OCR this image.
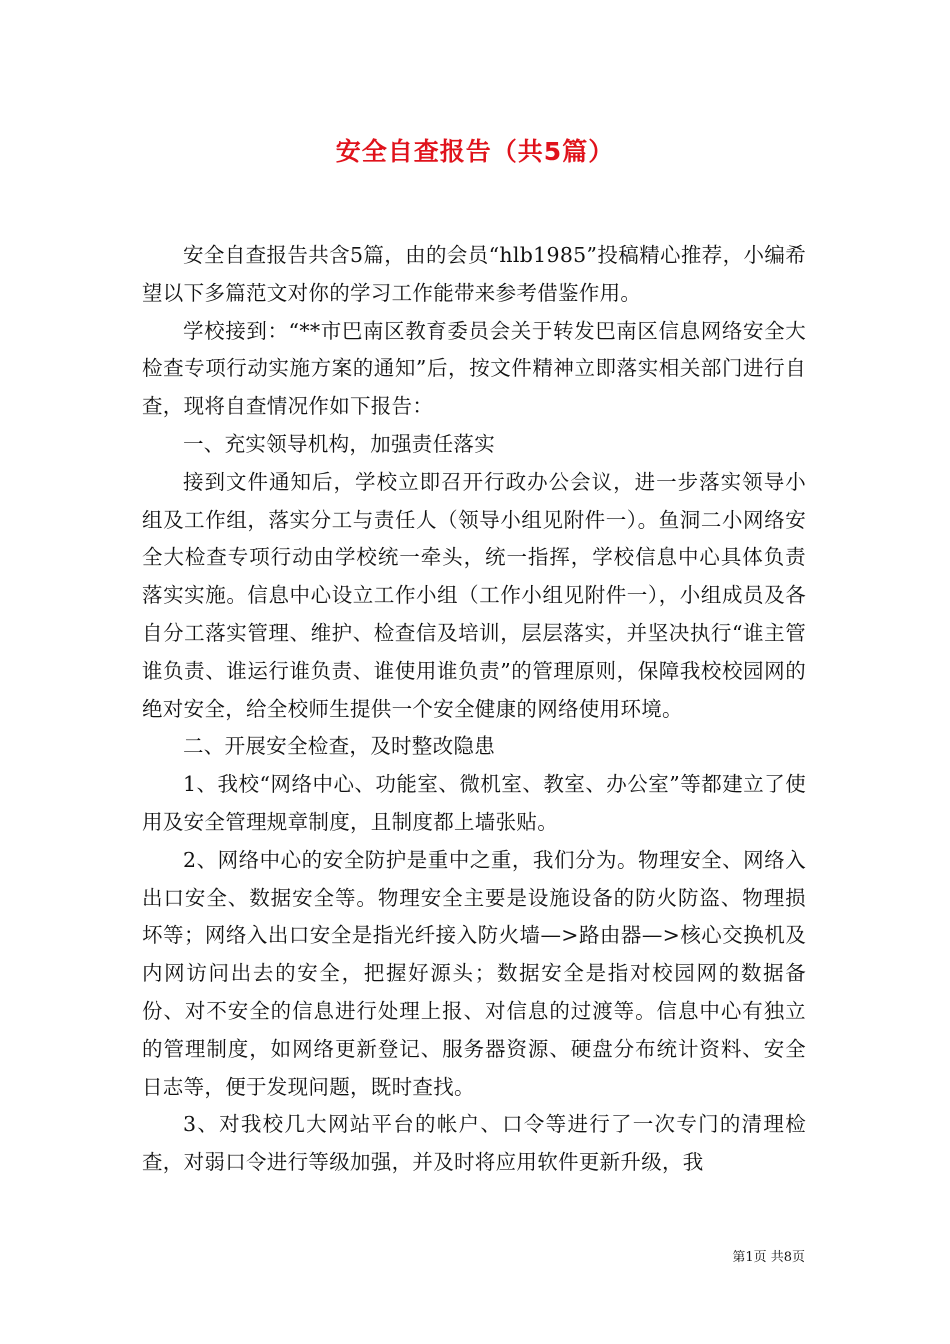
安全自查报告（共5篇）

安全自查报告共含5篇，由的会员“hlb1985”投稿精心推荐，小编希望以下多篇范文对你的学习工作能带来参考借鉴作用。

学校接到：“**市巴南区教育委员会关于转发巴南区信息网络安全大检查专项行动实施方案的通知”后，按文件精神立即落实相关部门进行自查，现将自查情况作如下报告：

一、充实领导机构，加强责任落实

接到文件通知后，学校立即召开行政办公会议，进一步落实领导小组及工作组，落实分工与责任人（领导小组见附件一）。鱼洞二小网络安全大检查专项行动由学校统一牵头，统一指挥，学校信息中心具体负责落实实施。信息中心设立工作小组（工作小组见附件一），小组成员及各自分工落实管理、维护、检查信及培训，层层落实，并坚决执行“谁主管谁负责、谁运行谁负责、谁使用谁负责”的管理原则，保障我校校园网的绝对安全，给全校师生提供一个安全健康的网络使用环境。

二、开展安全检查，及时整改隐患

1、我校“网络中心、功能室、微机室、教室、办公室”等都建立了使用及安全管理规章制度，且制度都上墙张贴。

2、网络中心的安全防护是重中之重，我们分为。物理安全、网络入出口安全、数据安全等。物理安全主要是设施设备的防火防盗、物理损坏等；网络入出口安全是指光纤接入防火墙—>路由器—>核心交换机及内网访问出去的安全，把握好源头；数据安全是指对校园网的数据备份、对不安全的信息进行处理上报、对信息的过渡等。信息中心有独立的管理制度，如网络更新登记、服务器资源、硬盘分布统计资料、安全日志等，便于发现问题，既时查找。

3、对我校几大网站平台的帐户、口令等进行了一次专门的清理检查，对弱口令进行等级加强，并及时将应用软件更新升级，我

第1页 共8页
